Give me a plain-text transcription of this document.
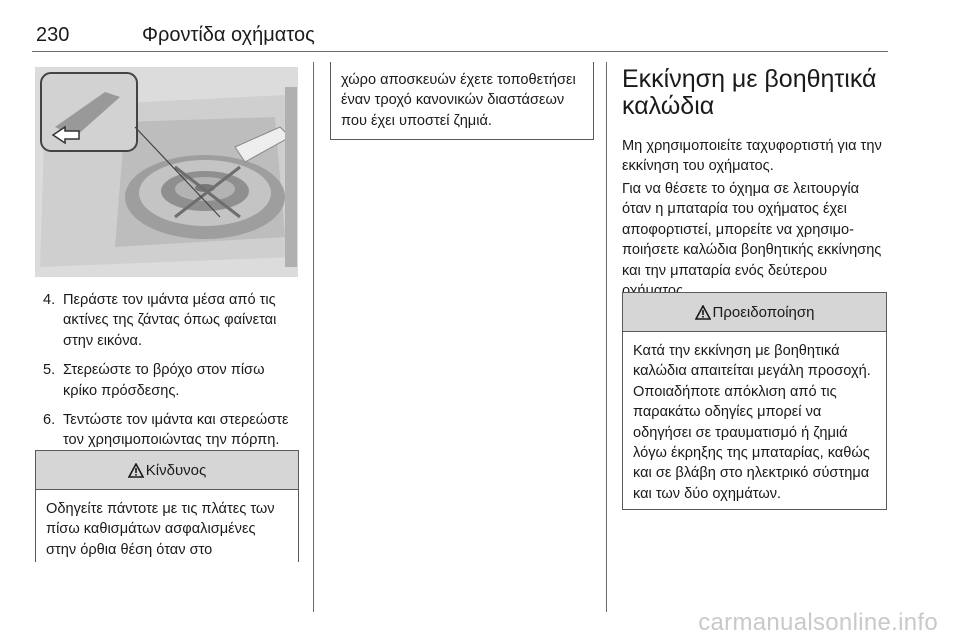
230	Φροντίδα οχήματος
4. Περάστε τον ιμάντα μέσα από τις ακτίνες της ζάντας όπως φαίνεται στην εικόνα.
5. Στερεώστε το βρόχο στον πίσω κρίκο πρόσδεσης.
6. Τεντώστε τον ιμάντα και στερεώστε τον χρησιμοποιώντας την πόρπη.
Κίνδυνος
Οδηγείτε πάντοτε με τις πλάτες των πίσω καθισμάτων ασφαλισμένες στην όρθια θέση όταν στο
χώρο αποσκευών έχετε τοποθετήσει έναν τροχό κανονικών διαστάσεων που έχει υποστεί ζημιά.
Εκκίνηση με βοηθητικά καλώδια

Μη χρησιμοποιείτε ταχυφορτιστή για την εκκίνηση του οχήματος.

Για να θέσετε το όχημα σε λειτουργία όταν η μπαταρία του οχήματος έχει αποφορτιστεί, μπορείτε να χρησιμοποιήσετε καλώδια βοηθητικής εκκίνησης και την μπαταρία ενός δεύτερου

Προειδοποίηση
Κατά την εκκίνηση με βοηθητικά καλώδια απαιτείται μεγάλη προσοχή. Οποιαδήποτε απόκλιση από τις παρακάτω οδηγίες μπορεί να οδηγήσει σε τραυματισμό ή ζημιά λόγω έκρηξης της μπαταρίας, καθώς και σε βλάβη στο ηλεκτρικό σύστημα και των δύο οχημάτων.
carmanualsonline.info
